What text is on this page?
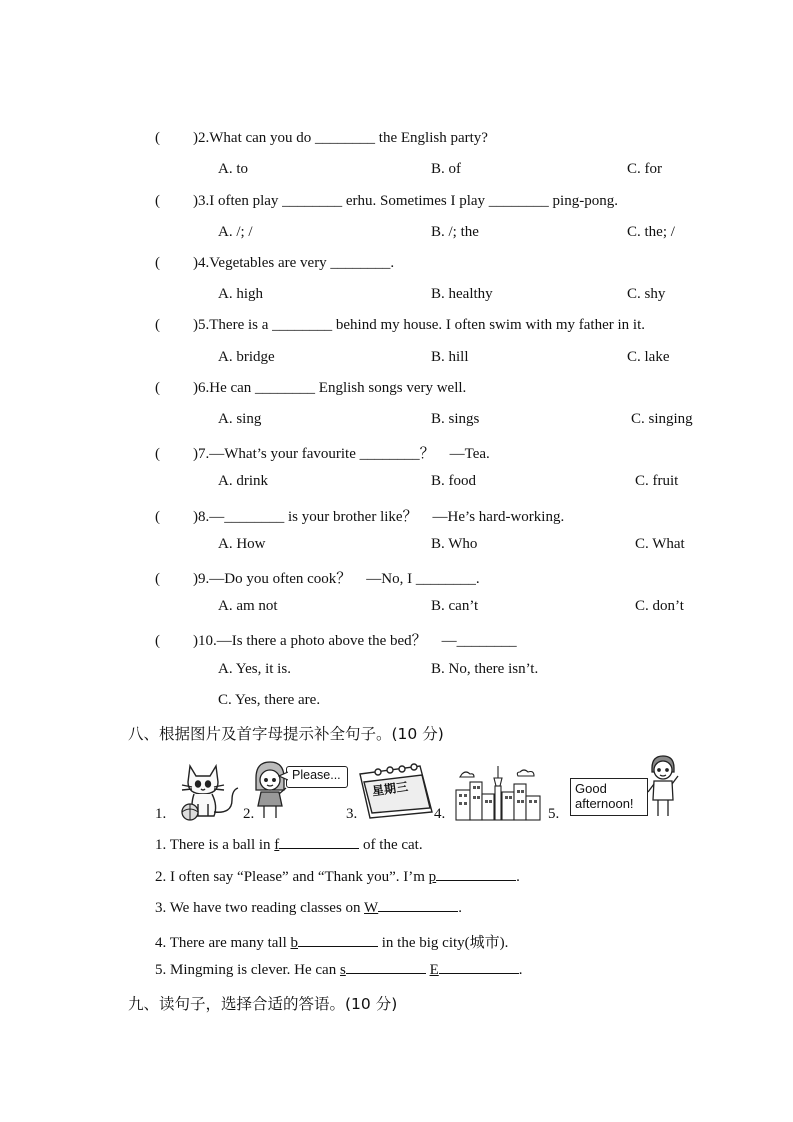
( )2.What can you do ________ the English party?
A. to	B. of	C. for
( )3.I often play ________ erhu. Sometimes I play ________ ping-pong.
A. /; /	B. /; the	C. the; /
( )4.Vegetables are very ________.
A. high	B. healthy	C. shy
( )5.There is a ________ behind my house. I often swim with my father in it.
A. bridge	B. hill	C. lake
( )6.He can ________ English songs very well.
A. sing	B. sings	C. singing
( )7.—What’s your favourite ________？　—Tea.
A. drink	B. food	C. fruit
( )8.—________ is your brother like？　—He’s hard-working.
A. How	B. Who	C. What
( )9.—Do you often cook？　—No, I ________.
A. am not	B. can’t	C. don’t
( )10.—Is there a photo above the bed？　—________
A. Yes, it is.	B. No, there isn’t.
C. Yes, there are.
八、根据图片及首字母提示补全句子。(10 分)
1.	2.
Please...
3.
星期三
4.	5.
Good
afternoon!
1. There is a ball in f	of the cat.
2. I often say “Please” and “Thank you”. I’m p	.
3. We have two reading classes on W	.
4. There are many tall b	in the big city(城市).
5. Mingming is clever. He can s	E	.
九、读句子，选择合适的答语。(10 分)
